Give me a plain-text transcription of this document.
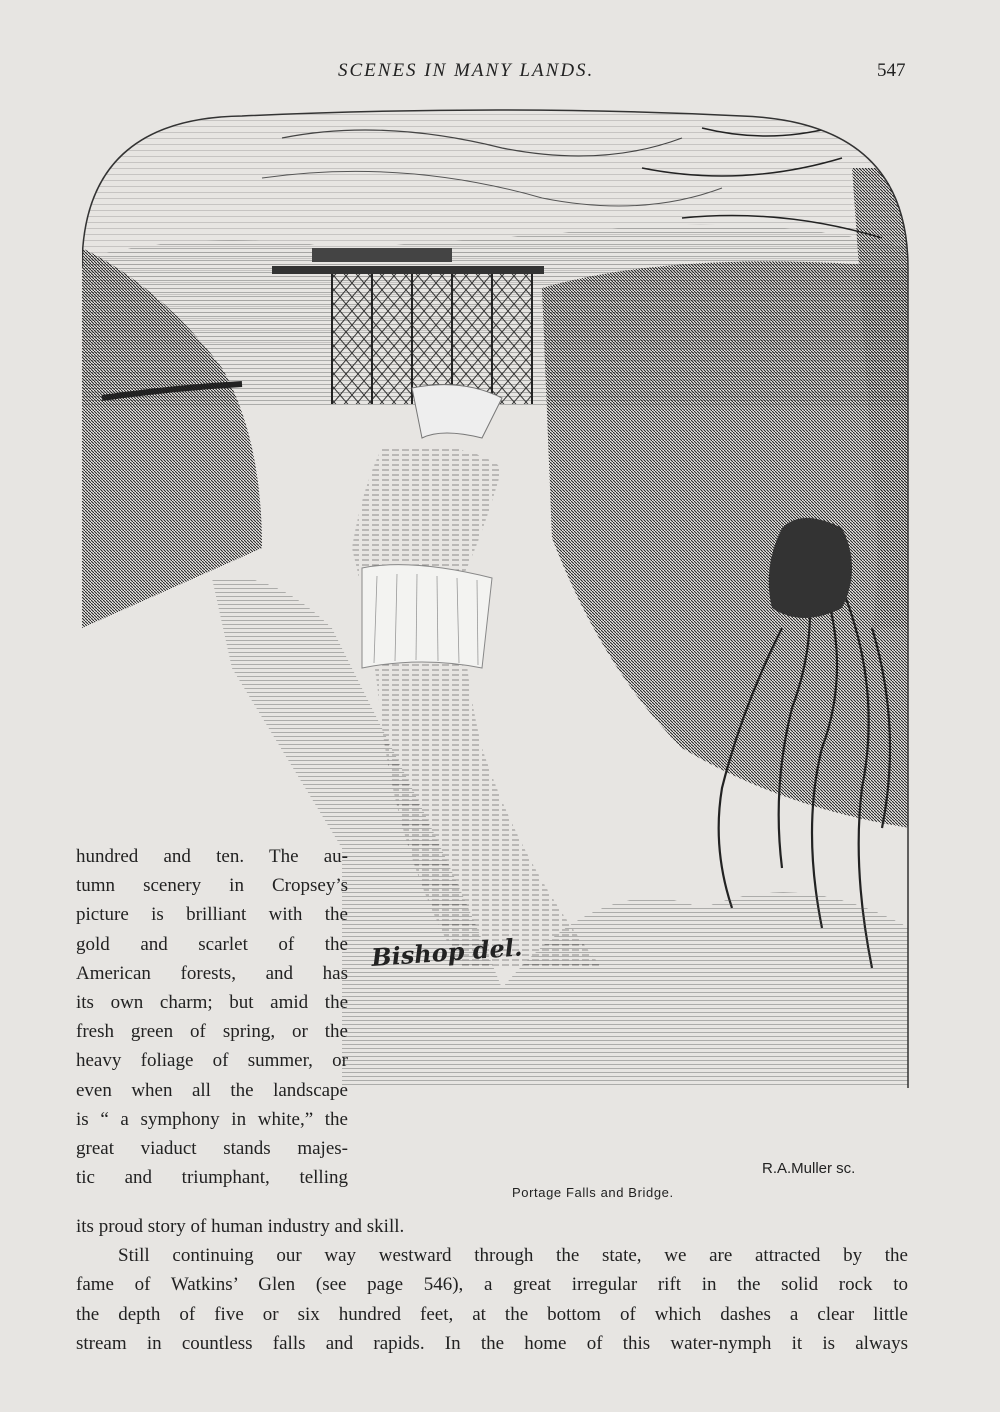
SCENES IN MANY LANDS.	547
Bishop del.
R.A.Muller sc.
Portage Falls and Bridge.
hundred and ten. The au-
tumn scenery in Cropsey’s
picture is brilliant with the
gold and scarlet of the
American forests, and has
its own charm; but amid the
fresh green of spring, or the
heavy foliage of summer, or
even when all the landscape
is “ a symphony in white,” the
great viaduct stands majes-
tic and triumphant, telling
its proud story of human industry and skill.
Still continuing our way westward through the state, we are attracted by the
fame of Watkins’ Glen (see page 546), a great irregular rift in the solid rock to
the depth of five or six hundred feet, at the bottom of which dashes a clear little
stream in countless falls and rapids. In the home of this water-nymph it is always
